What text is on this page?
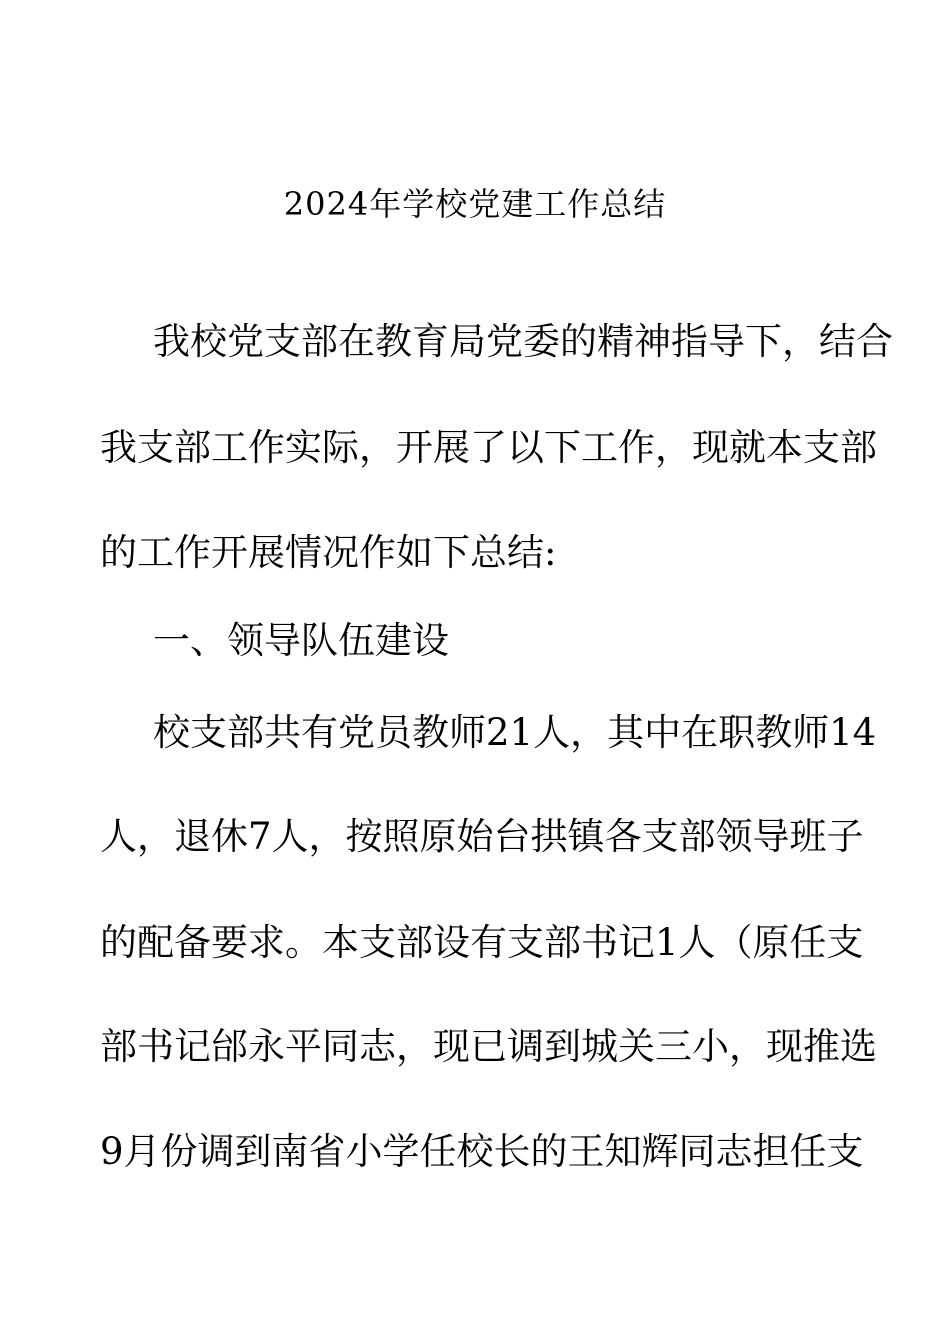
2024年学校党建工作总结
我校党支部在教育局党委的精神指导下，结合
我支部工作实际，开展了以下工作，现就本支部
的工作开展情况作如下总结:
一、领导队伍建设
校支部共有党员教师21人，其中在职教师14
人，退休7人，按照原始台拱镇各支部领导班子
的配备要求。本支部设有支部书记1人（原任支
部书记邰永平同志，现已调到城关三小，现推选
9月份调到南省小学任校长的王知辉同志担任支
